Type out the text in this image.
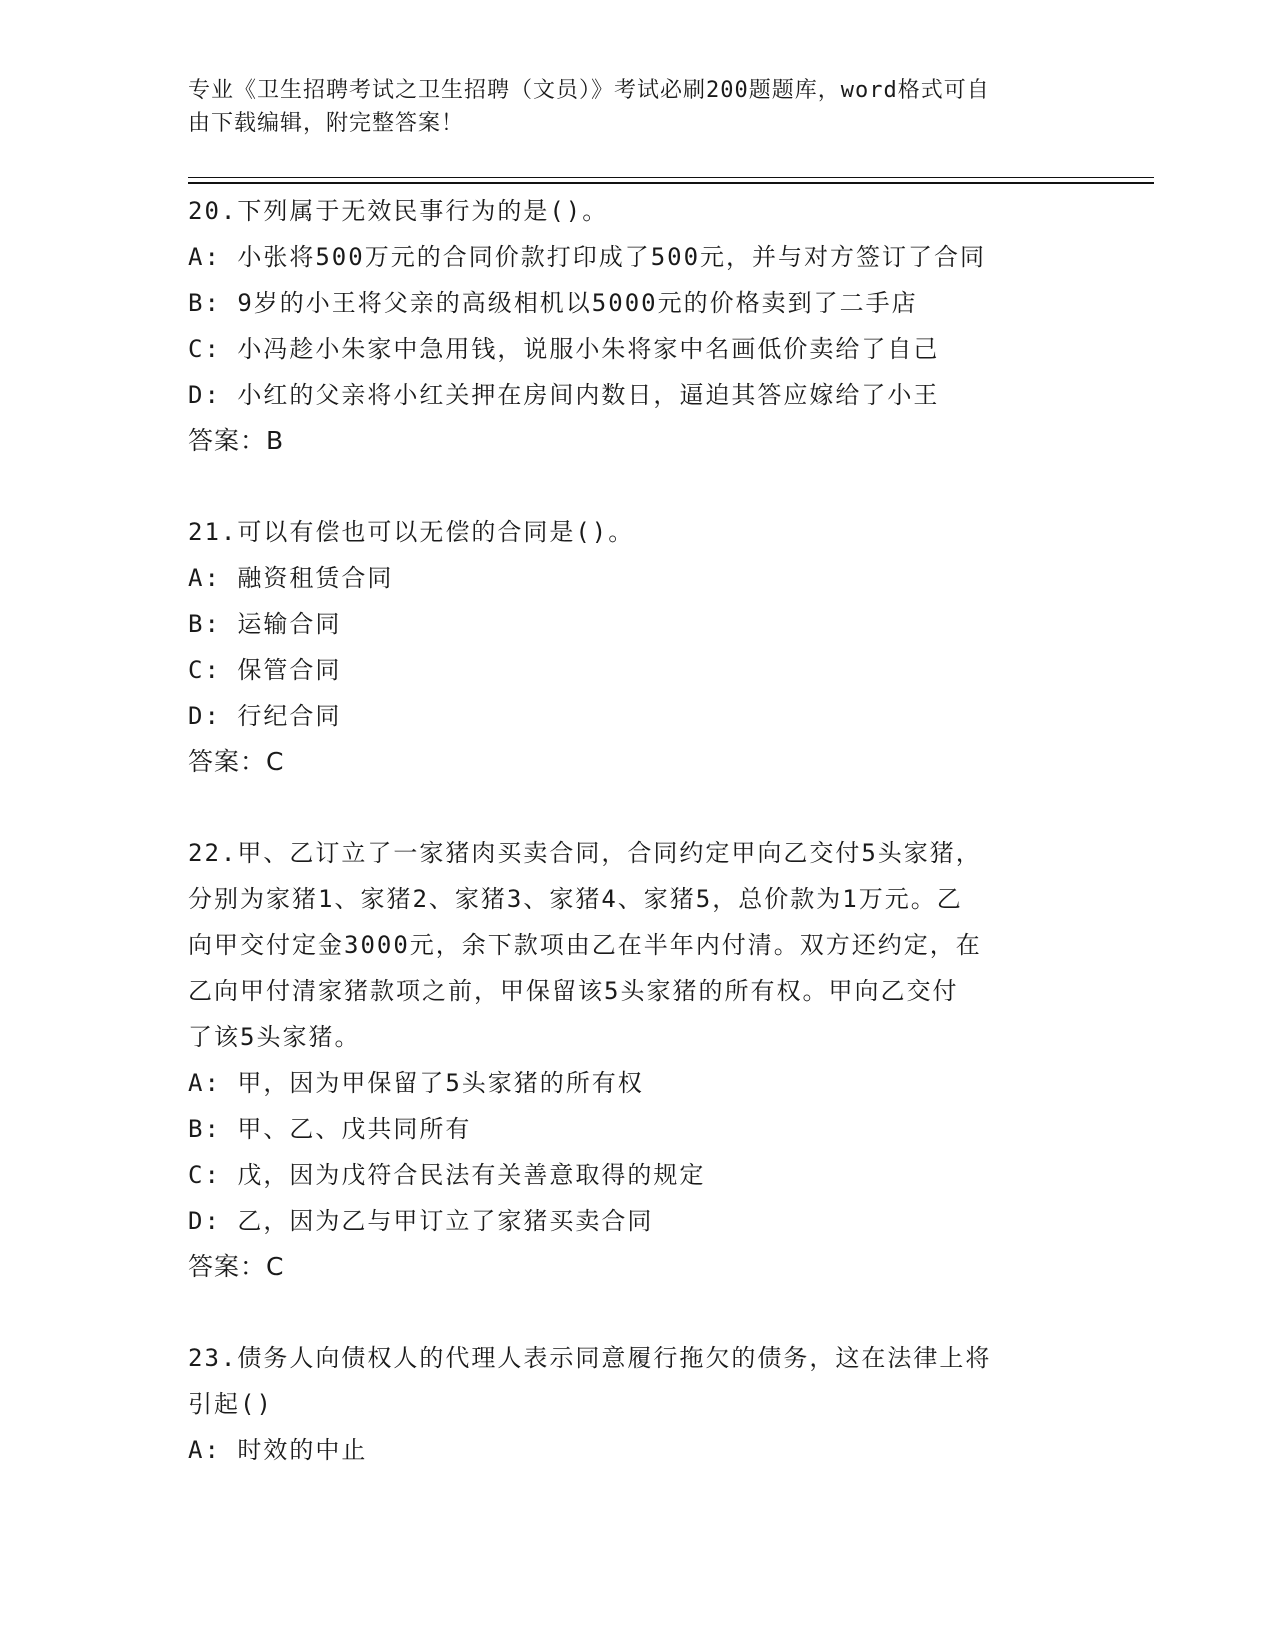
专业《卫生招聘考试之卫生招聘（文员）》考试必刷200题题库，word格式可自
由下载编辑，附完整答案！
20.下列属于无效民事行为的是()。
A: 小张将500万元的合同价款打印成了500元，并与对方签订了合同
B: 9岁的小王将父亲的高级相机以5000元的价格卖到了二手店
C: 小冯趁小朱家中急用钱，说服小朱将家中名画低价卖给了自己
D: 小红的父亲将小红关押在房间内数日，逼迫其答应嫁给了小王
答案：B
21.可以有偿也可以无偿的合同是()。
A: 融资租赁合同
B: 运输合同
C: 保管合同
D: 行纪合同
答案：C
22.甲、乙订立了一家猪肉买卖合同，合同约定甲向乙交付5头家猪，
分别为家猪1、家猪2、家猪3、家猪4、家猪5，总价款为1万元。乙
向甲交付定金3000元，余下款项由乙在半年内付清。双方还约定，在
乙向甲付清家猪款项之前，甲保留该5头家猪的所有权。甲向乙交付
了该5头家猪。
A: 甲，因为甲保留了5头家猪的所有权
B: 甲、乙、戊共同所有
C: 戊，因为戊符合民法有关善意取得的规定
D: 乙，因为乙与甲订立了家猪买卖合同
答案：C
23.债务人向债权人的代理人表示同意履行拖欠的债务，这在法律上将
引起()
A: 时效的中止
